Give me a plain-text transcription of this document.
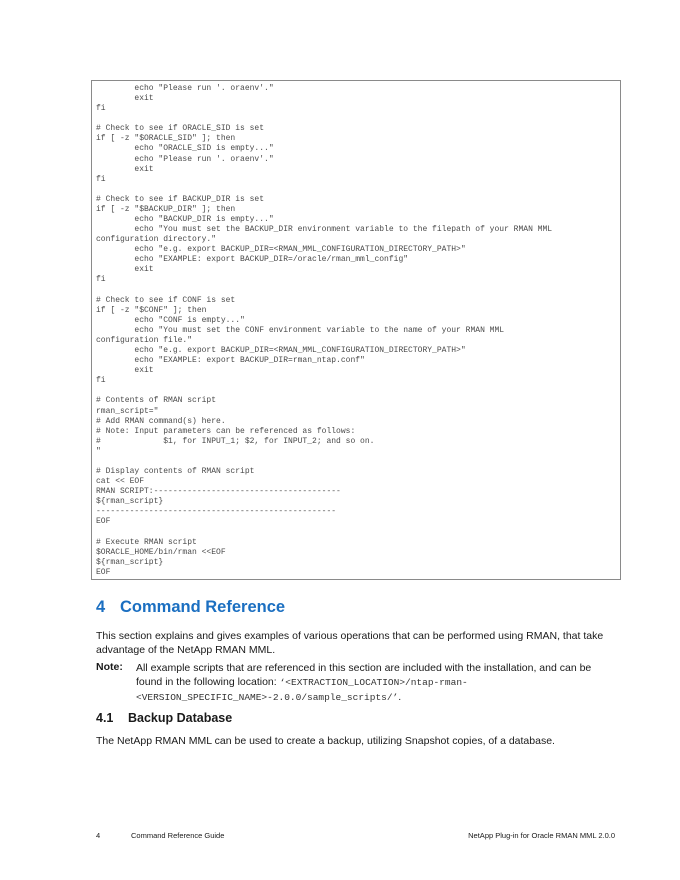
echo "Please run '. oraenv'."
exit
fi

# Check to see if ORACLE_SID is set
if [ -z "$ORACLE_SID" ]; then
echo "ORACLE_SID is empty..."
echo "Please run '. oraenv'."
exit
fi

# Check to see if BACKUP_DIR is set
if [ -z "$BACKUP_DIR" ]; then
echo "BACKUP_DIR is empty..."
echo "You must set the BACKUP_DIR environment variable to the filepath of your RMAN MML
configuration directory."
echo "e.g. export BACKUP_DIR=<RMAN_MML_CONFIGURATION_DIRECTORY_PATH>"
echo "EXAMPLE: export BACKUP_DIR=/oracle/rman_mml_config"
exit
fi

# Check to see if CONF is set
if [ -z "$CONF" ]; then
echo "CONF is empty..."
echo "You must set the CONF environment variable to the name of your RMAN MML
configuration file."
echo "e.g. export BACKUP_DIR=<RMAN_MML_CONFIGURATION_DIRECTORY_PATH>"
echo "EXAMPLE: export BACKUP_DIR=rman_ntap.conf"
exit
fi

# Contents of RMAN script
rman_script="
# Add RMAN command(s) here.
# Note: Input parameters can be referenced as follows:
#             $1, for INPUT_1; $2, for INPUT_2; and so on.
"

# Display contents of RMAN script
cat << EOF
RMAN SCRIPT:---------------------------------------
${rman_script}
--------------------------------------------------
EOF

# Execute RMAN script
$ORACLE_HOME/bin/rman <<EOF
${rman_script}
EOF
4 Command Reference

This section explains and gives examples of various operations that can be performed using RMAN, that take advantage of the NetApp RMAN MML.

Note: All example scripts that are referenced in this section are included with the installation, and can be found in the following location: ‘<EXTRACTION_LOCATION>/ntap-rman-<VERSION_SPECIFIC_NAME>-2.0.0/sample_scripts/’.

4.1 Backup Database

The NetApp RMAN MML can be used to create a backup, utilizing Snapshot copies, of a database.

4	Command Reference Guide	NetApp Plug-in for Oracle RMAN MML 2.0.0
